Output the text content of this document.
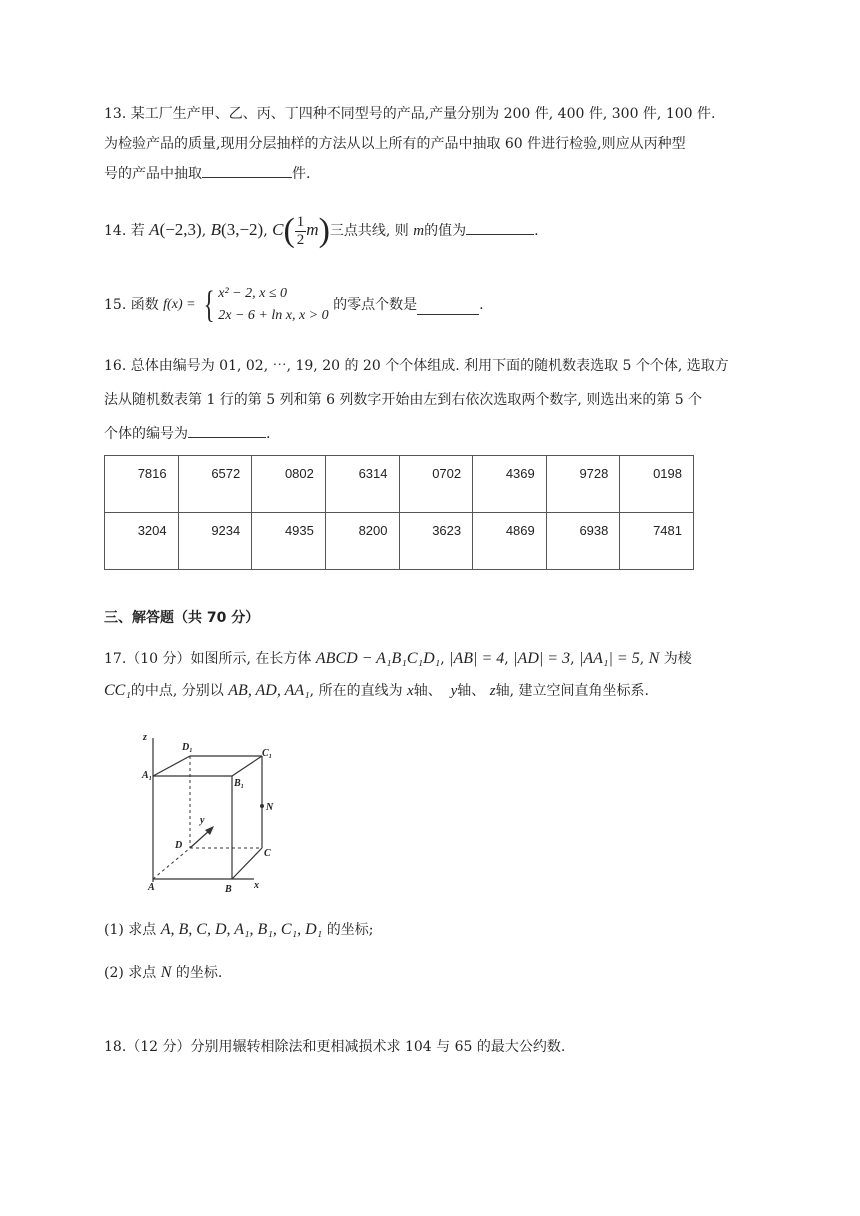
13. 某工厂生产甲、乙、丙、丁四种不同型号的产品,产量分别为 200 件, 400 件, 300 件, 100 件.
为检验产品的质量,现用分层抽样的方法从以上所有的产品中抽取 60 件进行检验,则应从丙种型
号的产品中抽取	件.
14. 若 A(−2,3), B(3,−2), $C( \frac{1}{2} m)$三点共线, 则 m的值为	.
15. 函数 f(x) = { x² − 2, x ≤ 0
2x − 6 + ln x, x > 0
的零点个数是	.
16. 总体由编号为 01, 02, ⋯, 19, 20 的 20 个个体组成. 利用下面的随机数表选取 5 个个体, 选取方
法从随机数表第 1 行的第 5 列和第 6 列数字开始由左到右依次选取两个数字, 则选出来的第 5 个
个体的编号为	.
7816	6572	0802	6314	0702	4369	9728	0198
3204	9234	4935	8200	3623	4869	6938	7481
三、解答题（共 70 分）
17.（10 分）如图所示, 在长方体 ABCD − A₁B₁C₁D₁, |AB| = 4, |AD| = 3, |AA₁| = 5, N 为棱
CC₁的中点, 分别以 AB, AD, AA₁, 所在的直线为 x轴、 y轴、 z轴, 建立空间直角坐标系.
z
D₁
C₁
A₁
B₁
N
y
D
C
A	B x
(1) 求点 A, B, C, D, A₁, B₁, C₁, D₁ 的坐标;
(2) 求点 N 的坐标.
18.（12 分）分别用辗转相除法和更相减损术求 104 与 65 的最大公约数.
